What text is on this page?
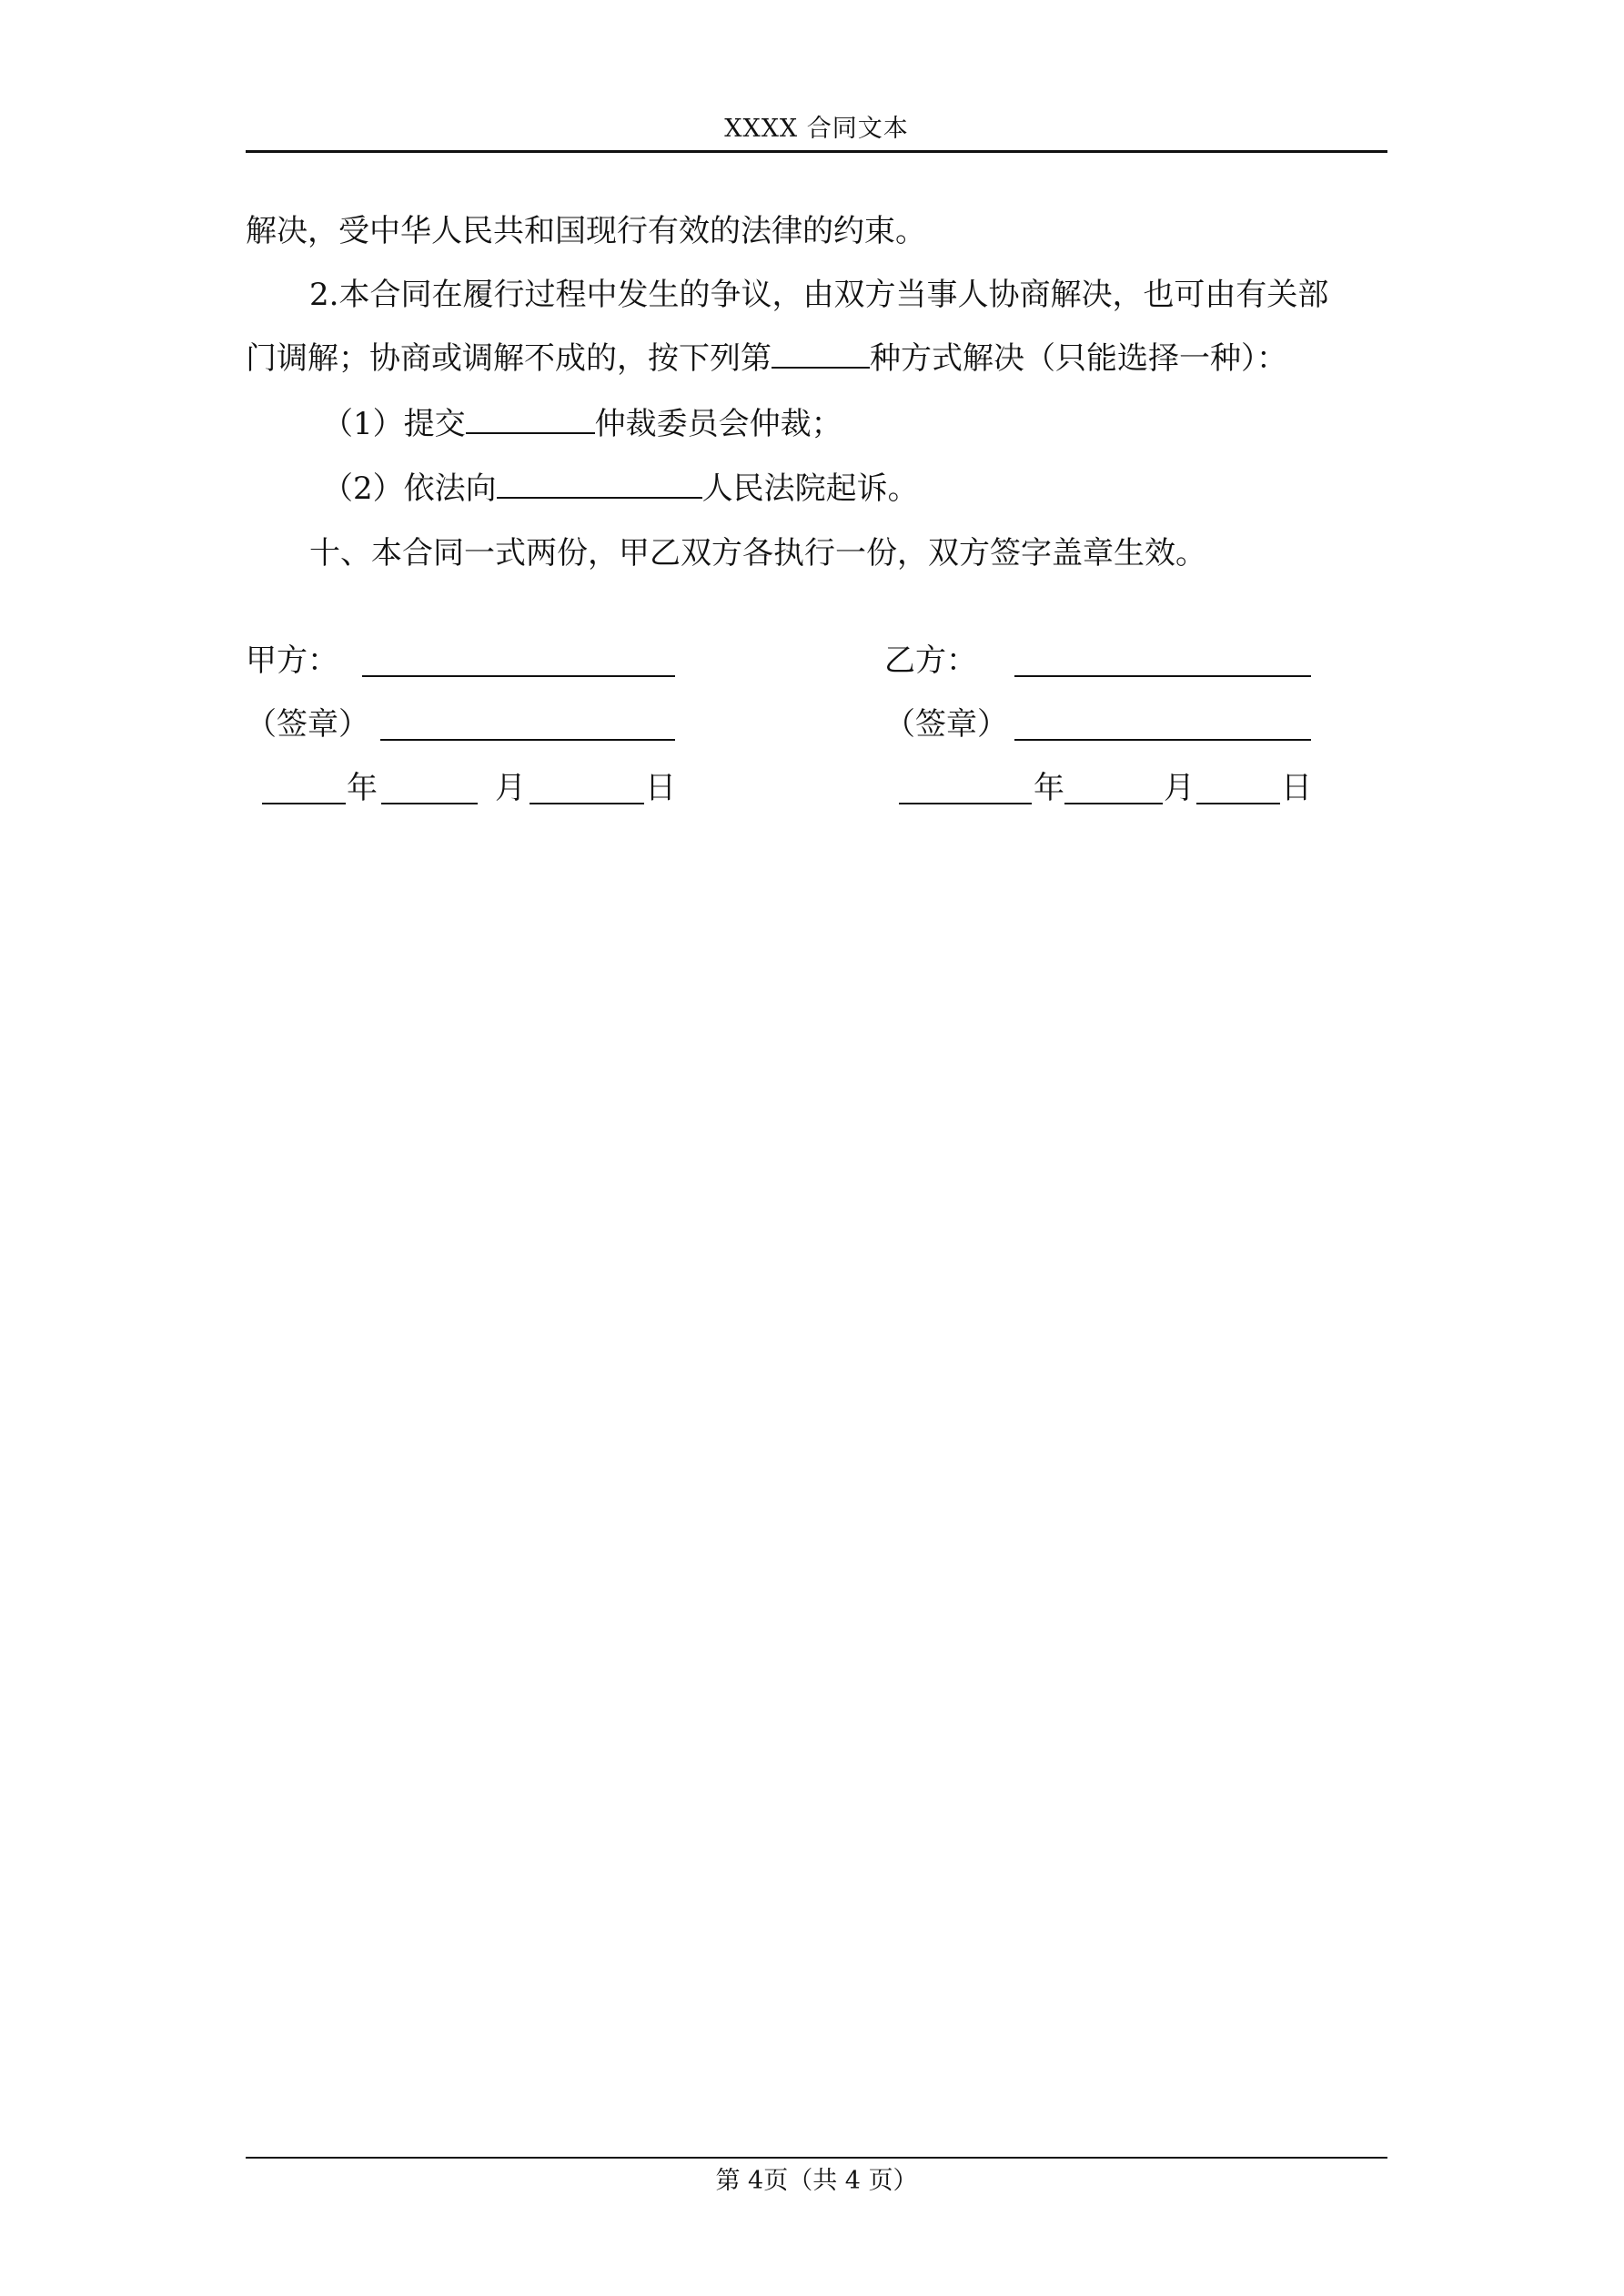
XXXX 合同文本
解决，受中华人民共和国现行有效的法律的约束。
2.本合同在履行过程中发生的争议，由双方当事人协商解决，也可由有关部
门调解；协商或调解不成的，按下列第	种方式解决（只能选择一种）：
（1）提交	仲裁委员会仲裁；
（2）依法向	人民法院起诉。
十、本合同一式两份，甲乙双方各执行一份，双方签字盖章生效。
甲方：
（签章）
年	月	日
乙方：
（签章）
年	月	日
第 4页（共 4 页）
